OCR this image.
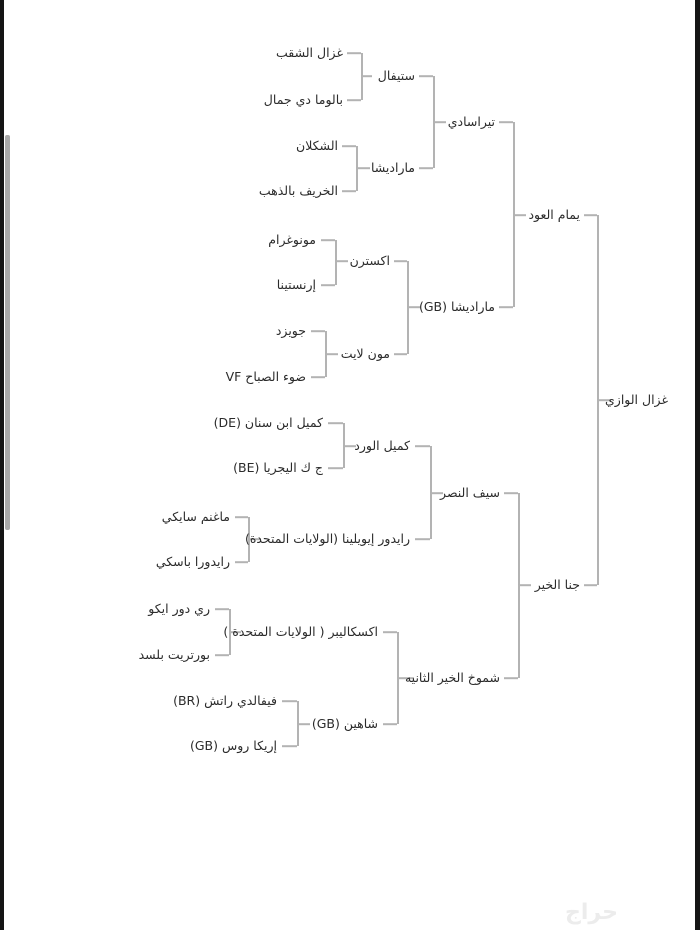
غزال الشقب
بالوما دي جمال
الشكلان
الخريف بالذهب
مونوغرام
إرنستينا
جويزد
ضوء الصباح VF
كميل ابن سنان (DE)
ج ك اليجريا (BE)
ماغنم سايكي
رايدورا باسكي
ري دور ايكو
بورتريت بلسد
فيفالدي راتش (BR)
إريكا روس (GB)
ستيفال
مارادیشا
اكسترن
مون لايت
كميل الورد
رايدور إيويلينا (الولايات المتحدة)
اكسكاليبر ( الولايات المتحدة )
شاهين (GB)
تيراسادي
مارادیشا (GB)
سيف النصر
شموخ الخير الثانيه
يمام العود
جنا الخير
غزال الوازي
حراج
